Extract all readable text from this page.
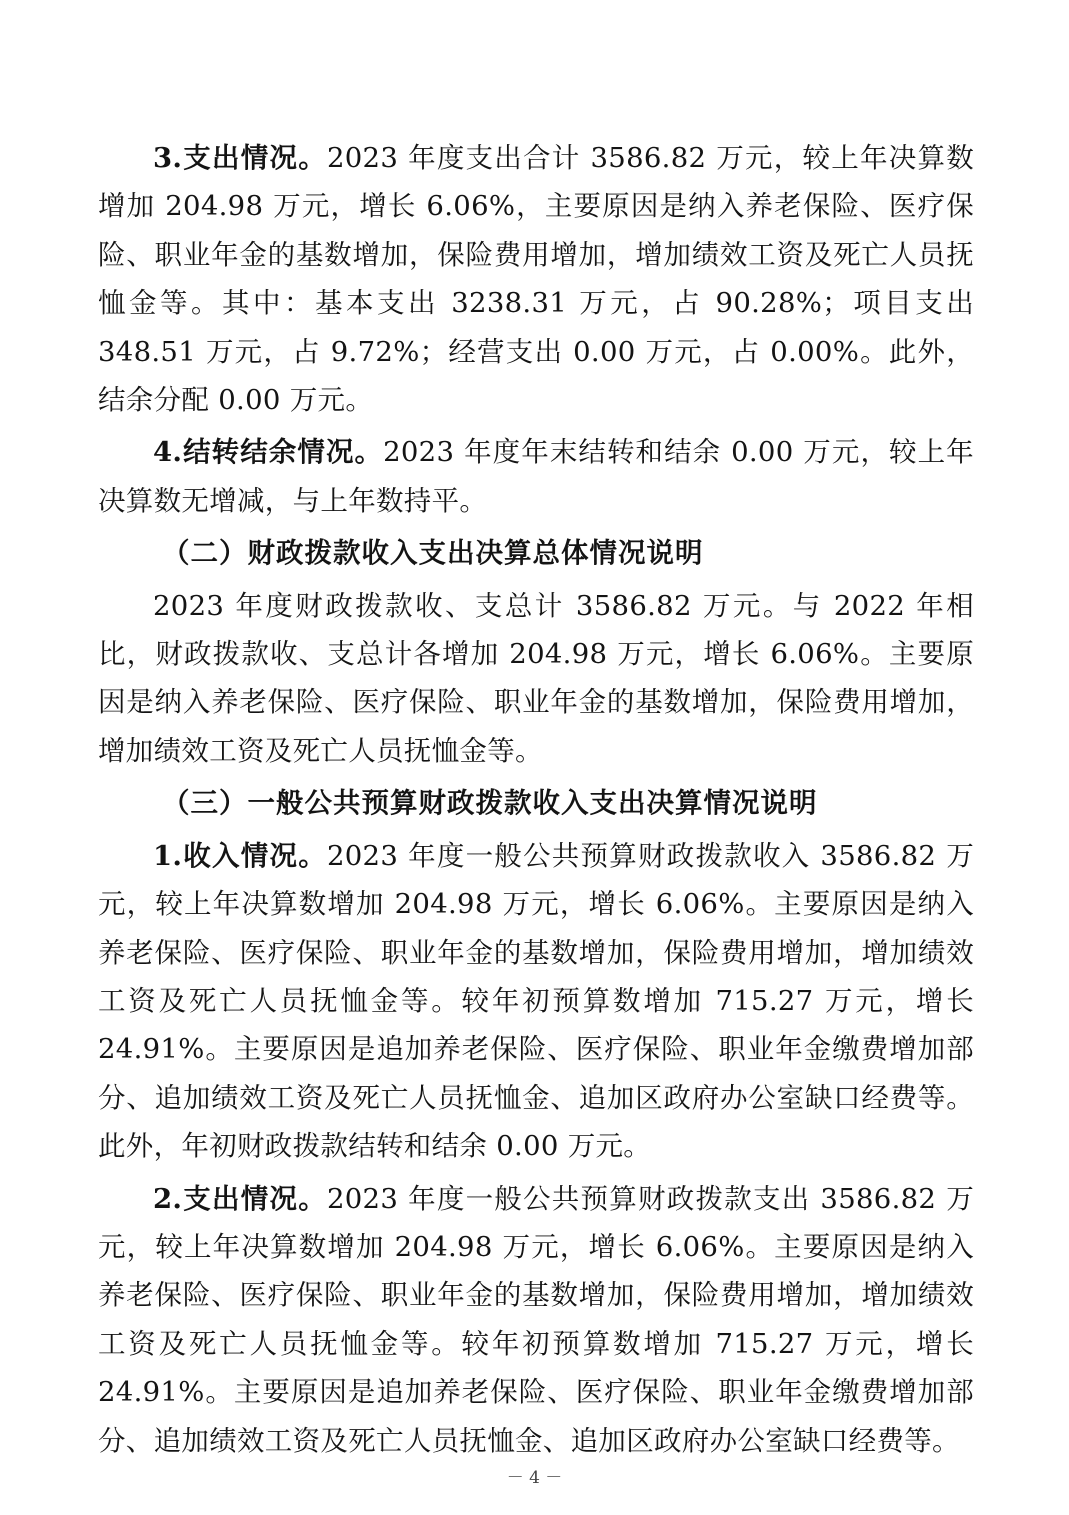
3.支出情况。2023 年度支出合计 3586.82 万元，较上年决算数增加 204.98 万元，增长 6.06%，主要原因是纳入养老保险、医疗保险、职业年金的基数增加，保险费用增加，增加绩效工资及死亡人员抚恤金等。其中：基本支出 3238.31 万元，占 90.28%；项目支出 348.51 万元，占 9.72%；经营支出 0.00 万元，占 0.00%。此外，结余分配 0.00 万元。

4.结转结余情况。2023 年度年末结转和结余 0.00 万元，较上年决算数无增减，与上年数持平。

（二）财政拨款收入支出决算总体情况说明

2023 年度财政拨款收、支总计 3586.82 万元。与 2022 年相比，财政拨款收、支总计各增加 204.98 万元，增长 6.06%。主要原因是纳入养老保险、医疗保险、职业年金的基数增加，保险费用增加，增加绩效工资及死亡人员抚恤金等。

（三）一般公共预算财政拨款收入支出决算情况说明

1.收入情况。2023 年度一般公共预算财政拨款收入 3586.82 万元，较上年决算数增加 204.98 万元，增长 6.06%。主要原因是纳入养老保险、医疗保险、职业年金的基数增加，保险费用增加，增加绩效工资及死亡人员抚恤金等。较年初预算数增加 715.27 万元，增长 24.91%。主要原因是追加养老保险、医疗保险、职业年金缴费增加部分、追加绩效工资及死亡人员抚恤金、追加区政府办公室缺口经费等。此外，年初财政拨款结转和结余 0.00 万元。

2.支出情况。2023 年度一般公共预算财政拨款支出 3586.82 万元，较上年决算数增加 204.98 万元，增长 6.06%。主要原因是纳入养老保险、医疗保险、职业年金的基数增加，保险费用增加，增加绩效工资及死亡人员抚恤金等。较年初预算数增加 715.27 万元，增长 24.91%。主要原因是追加养老保险、医疗保险、职业年金缴费增加部分、追加绩效工资及死亡人员抚恤金、追加区政府办公室缺口经费等。

－ 4 －
